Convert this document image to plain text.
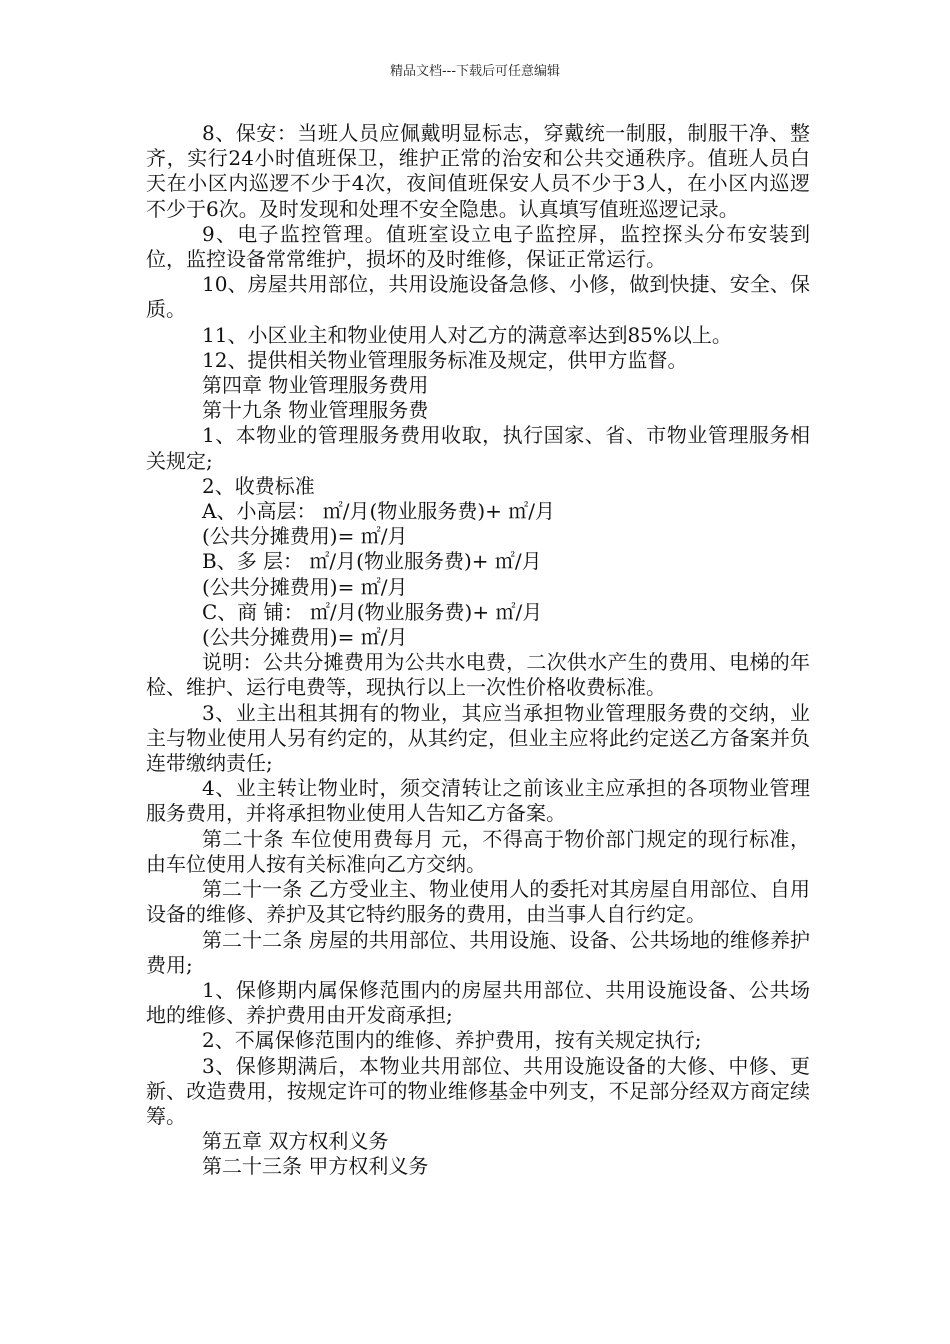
精品文档---下载后可任意编辑

8、保安：当班人员应佩戴明显标志，穿戴统一制服，制服干净、整齐，实行24小时值班保卫，维护正常的治安和公共交通秩序。值班人员白天在小区内巡逻不少于4次，夜间值班保安人员不少于3人，在小区内巡逻不少于6次。及时发现和处理不安全隐患。认真填写值班巡逻记录。

9、电子监控管理。值班室设立电子监控屏，监控探头分布安装到位，监控设备常常维护，损坏的及时维修，保证正常运行。

10、房屋共用部位，共用设施设备急修、小修，做到快捷、安全、保质。

11、小区业主和物业使用人对乙方的满意率达到85%以上。

12、提供相关物业管理服务标准及规定，供甲方监督。

第四章 物业管理服务费用

第十九条 物业管理服务费

1、本物业的管理服务费用收取，执行国家、省、市物业管理服务相关规定;

2、收费标准

A、小高层： ㎡/月(物业服务费)+ ㎡/月

(公共分摊费用)= ㎡/月

B、多 层： ㎡/月(物业服务费)+ ㎡/月

(公共分摊费用)= ㎡/月

C、商 铺： ㎡/月(物业服务费)+ ㎡/月

(公共分摊费用)= ㎡/月

说明：公共分摊费用为公共水电费，二次供水产生的费用、电梯的年检、维护、运行电费等，现执行以上一次性价格收费标准。

3、业主出租其拥有的物业，其应当承担物业管理服务费的交纳，业主与物业使用人另有约定的，从其约定，但业主应将此约定送乙方备案并负连带缴纳责任;

4、业主转让物业时，须交清转让之前该业主应承担的各项物业管理服务费用，并将承担物业使用人告知乙方备案。

第二十条 车位使用费每月 元，不得高于物价部门规定的现行标准，由车位使用人按有关标准向乙方交纳。

第二十一条 乙方受业主、物业使用人的委托对其房屋自用部位、自用设备的维修、养护及其它特约服务的费用，由当事人自行约定。

第二十二条 房屋的共用部位、共用设施、设备、公共场地的维修养护费用;

1、保修期内属保修范围内的房屋共用部位、共用设施设备、公共场地的维修、养护费用由开发商承担;

2、不属保修范围内的维修、养护费用，按有关规定执行;

3、保修期满后，本物业共用部位、共用设施设备的大修、中修、更新、改造费用，按规定许可的物业维修基金中列支，不足部分经双方商定续筹。

第五章 双方权利义务

第二十三条 甲方权利义务
